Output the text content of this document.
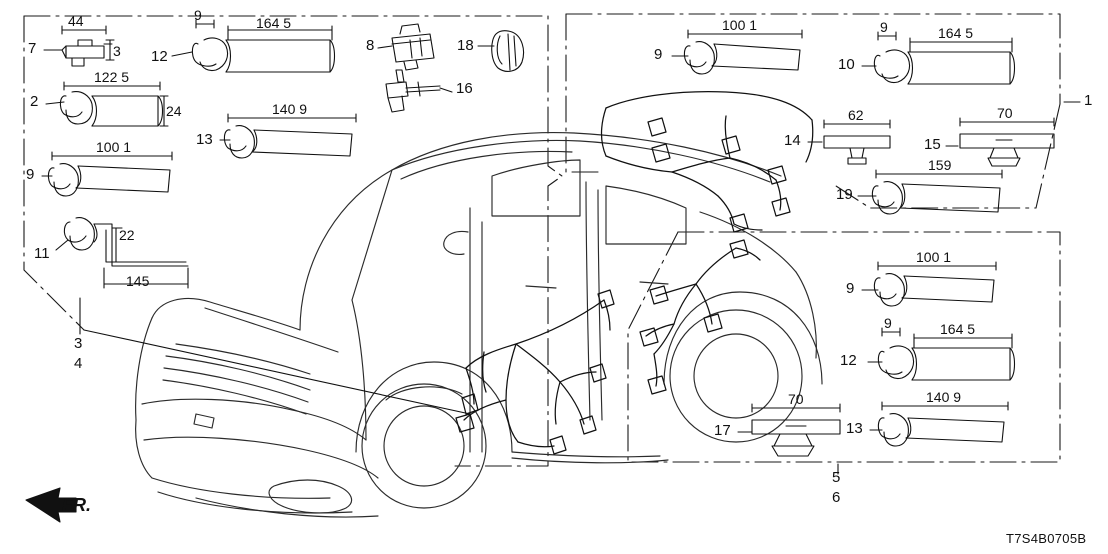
7	12
8	18
2
16
13
9
11
3
4
9
10
1
14	15
19
9
12
17	13
5
6
44
3
9	164 5
122 5
24	140 9
100 1
22
145
100 1	9	164 5
62	70
159
100 1
9	164 5
70	140 9
FR.
T7S4B0705B
